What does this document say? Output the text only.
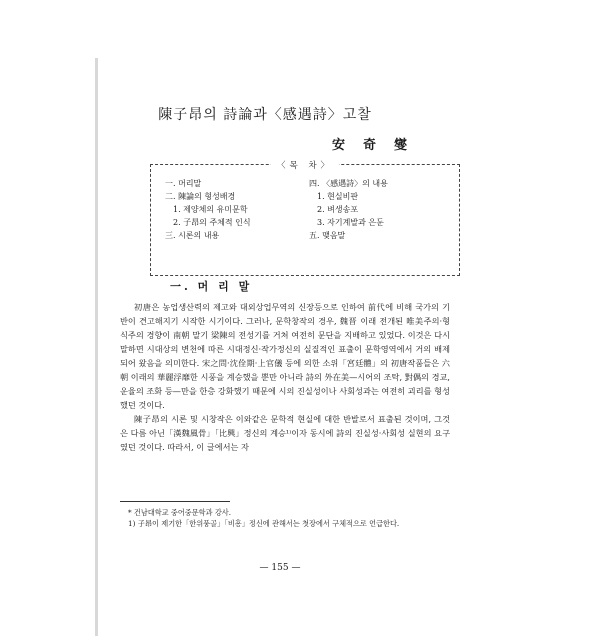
陳子昂의 詩論과〈感遇詩〉고찰
安奇燮
〈목 차〉
一. 머리말
二. 陳論의 형성배경
1. 제양체의 유미문학
2. 子昂의 주체적 인식
三. 시론의 내용
四. 〈感遇詩〉의 내용
1. 현실비판
2. 벼생송포
3. 자기계발과 은둔
五. 맺음말
一. 머 리 말

初唐은 농업생산력의 제고와 대외상업무역의 신장등으로 인하여 前代에 비해 국가의 기반이 견고해지기 시작한 시기이다. 그러나, 문학창작의 경우, 魏晋 이래 전개된 唯美주의·형식주의 경향이 南朝 말기 梁陳의 전성기를 거쳐 여전히 문단을 지배하고 있었다. 이것은 다시 말하면 시대상의 변천에 따른 시대정신·작가정신의 실질적인 표출이 문학영역에서 거의 배제되어 왔음을 의미한다. 宋之問·沈佺期·上官儀 등에 의한 소위「宮廷體」의 初唐작품들은 六朝 이래의 華麗浮靡한 시풍을 계승했을 뿐만 아니라 詩의 外在美—시어의 조탁, 對偶의 경교, 운율의 조화 등—만을 한층 강화했기 때문에 시의 진실성이나 사회성과는 여전히 괴리를 형성했던 것이다.

陳子昂의 시론 및 시창작은 이와같은 문학적 현실에 대한 반발로서 표출된 것이며, 그것은 다름 아닌「漢魏風骨」「比興」정신의 계승¹⁾이자 동시에 詩의 진실성·사회성 실현의 요구였던 것이다. 따라서, 이 글에서는 자

* 건남대학교 중어중문학과 강사.

1) 子昂이 제기한「한위풍골」「비흥」정신에 관해서는 첫장에서 구체적으로 언급한다.

— 155 —
